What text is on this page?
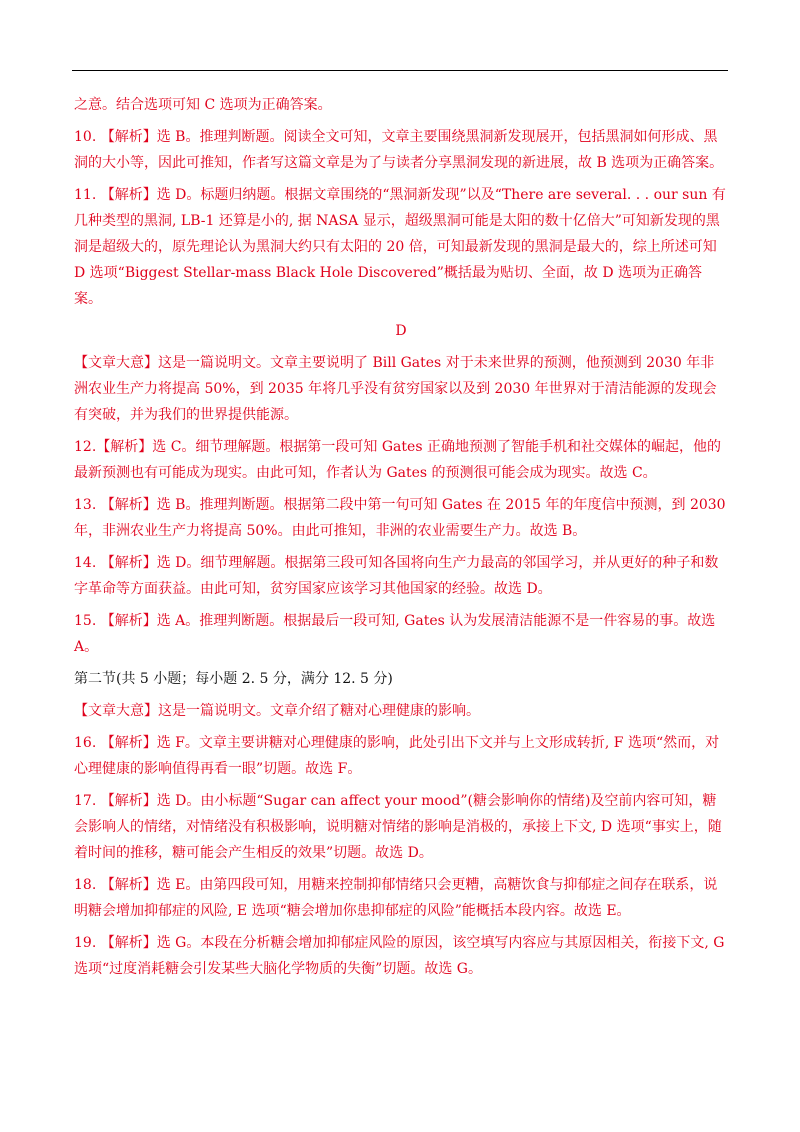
之意。结合选项可知 C 选项为正确答案。

10. 【解析】选 B。推理判断题。阅读全文可知，文章主要围绕黑洞新发现展开，包括黑洞如何形成、黑洞的大小等，因此可推知，作者写这篇文章是为了与读者分享黑洞发现的新进展，故 B 选项为正确答案。

11. 【解析】选 D。标题归纳题。根据文章围绕的“黑洞新发现”以及“There are several. . . our sun 有几种类型的黑洞, LB-1 还算是小的, 据 NASA 显示，超级黑洞可能是太阳的数十亿倍大”可知新发现的黑洞是超级大的，原先理论认为黑洞大约只有太阳的 20 倍，可知最新发现的黑洞是最大的，综上所述可知 D 选项“Biggest Stellar-mass Black Hole Discovered”概括最为贴切、全面，故 D 选项为正确答案。

D

【文章大意】这是一篇说明文。文章主要说明了 Bill Gates 对于未来世界的预测，他预测到 2030 年非洲农业生产力将提高 50%，到 2035 年将几乎没有贫穷国家以及到 2030 年世界对于清洁能源的发现会有突破，并为我们的世界提供能源。

12.【解析】选 C。细节理解题。根据第一段可知 Gates 正确地预测了智能手机和社交媒体的崛起，他的最新预测也有可能成为现实。由此可知，作者认为 Gates 的预测很可能会成为现实。故选 C。

13. 【解析】选 B。推理判断题。根据第二段中第一句可知 Gates 在 2015 年的年度信中预测，到 2030 年，非洲农业生产力将提高 50%。由此可推知，非洲的农业需要生产力。故选 B。

14. 【解析】选 D。细节理解题。根据第三段可知各国将向生产力最高的邻国学习，并从更好的种子和数字革命等方面获益。由此可知，贫穷国家应该学习其他国家的经验。故选 D。

15. 【解析】选 A。推理判断题。根据最后一段可知, Gates 认为发展清洁能源不是一件容易的事。故选 A。

第二节(共 5 小题；每小题 2. 5 分，满分 12. 5 分)

【文章大意】这是一篇说明文。文章介绍了糖对心理健康的影响。

16. 【解析】选 F。文章主要讲糖对心理健康的影响，此处引出下文并与上文形成转折, F 选项“然而，对心理健康的影响值得再看一眼”切题。故选 F。

17. 【解析】选 D。由小标题“Sugar can affect your mood”(糖会影响你的情绪)及空前内容可知，糖会影响人的情绪，对情绪没有积极影响，说明糖对情绪的影响是消极的，承接上下文, D 选项“事实上，随着时间的推移，糖可能会产生相反的效果”切题。故选 D。

18. 【解析】选 E。由第四段可知，用糖来控制抑郁情绪只会更糟，高糖饮食与抑郁症之间存在联系，说明糖会增加抑郁症的风险, E 选项“糖会增加你患抑郁症的风险”能概括本段内容。故选 E。

19. 【解析】选 G。本段在分析糖会增加抑郁症风险的原因，该空填写内容应与其原因相关，衔接下文, G 选项“过度消耗糖会引发某些大脑化学物质的失衡”切题。故选 G。
